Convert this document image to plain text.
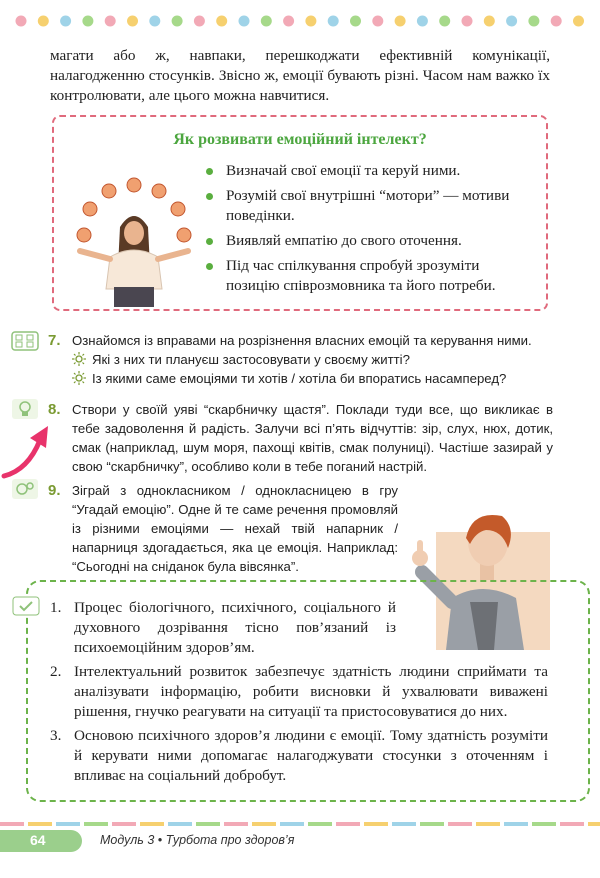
магати або ж, навпаки, перешкоджати ефективній комунікації, налагодженню стосунків. Звісно ж, емоції бувають різні. Часом нам важко їх контролювати, але цього можна навчитися.
Як розвивати емоційний інтелект?
Визначай свої емоції та керуй ними.
Розумій свої внутрішні “мотори” — мотиви поведінки.
Виявляй емпатію до свого оточення.
Під час спілкування спробуй зрозуміти позицію співрозмовника та його потреби.
7. Ознайомся із вправами на розрізнення власних емоцій та керування ними.
Які з них ти плануєш застосовувати у своєму житті?
Із якими саме емоціями ти хотів / хотіла би впоратись насамперед?
8. Створи у своїй уяві “скарбничку щастя”. Поклади туди все, що викликає в тебе задоволення й радість. Залучи всі п’ять відчуттів: зір, слух, нюх, дотик, смак (наприклад, шум моря, пахощі квітів, смак полуниці). Частіше зазирай у свою “скарбничку”, особливо коли в тебе поганий настрій.
9. Зіграй з однокласником / однокласницею в гру “Угадай емоцію”. Одне й те саме речення промовляй із різними емоціями — нехай твій напарник / напарниця здогадається, яка це емоція. Наприклад: “Сьогодні на сніданок була вівсянка”.
1. Процес біологічного, психічного, соціального й духовного дозрівання тісно пов’язаний із психоемоційним здоров’ям.
2. Інтелектуальний розвиток забезпечує здатність людини сприймати та аналізувати інформацію, робити висновки й ухвалювати виважені рішення, гнучко реагувати на ситуації та пристосовуватися до них.
3. Основою психічного здоров’я людини є емоції. Тому здатність розуміти й керувати ними допомагає налагоджувати стосунки з оточенням і впливає на соціальний добробут.
64	Модуль 3 • Турбота про здоров’я
